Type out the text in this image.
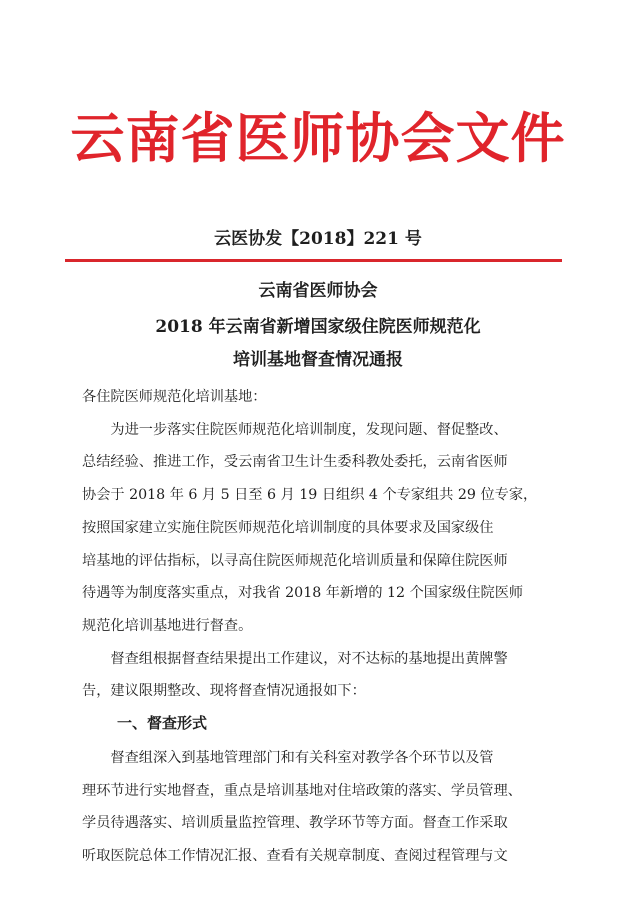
云南省医师协会文件
云医协发【2018】221 号
云南省医师协会
2018 年云南省新增国家级住院医师规范化
培训基地督查情况通报
各住院医师规范化培训基地：
　　为进一步落实住院医师规范化培训制度，发现问题、督促整改、
总结经验、推进工作，受云南省卫生计生委科教处委托，云南省医师
协会于 2018 年 6 月 5 日至 6 月 19 日组织 4 个专家组共 29 位专家，
按照国家建立实施住院医师规范化培训制度的具体要求及国家级住
培基地的评估指标，以寻高住院医师规范化培训质量和保障住院医师
待遇等为制度落实重点，对我省 2018 年新增的 12 个国家级住院医师
规范化培训基地进行督查。
　　督查组根据督查结果提出工作建议，对不达标的基地提出黄牌警
告，建议限期整改、现将督查情况通报如下：
一、督查形式
　　督查组深入到基地管理部门和有关科室对教学各个环节以及管
理环节进行实地督查，重点是培训基地对住培政策的落实、学员管理、
学员待遇落实、培训质量监控管理、教学环节等方面。督查工作采取
听取医院总体工作情况汇报、查看有关规章制度、查阅过程管理与文
